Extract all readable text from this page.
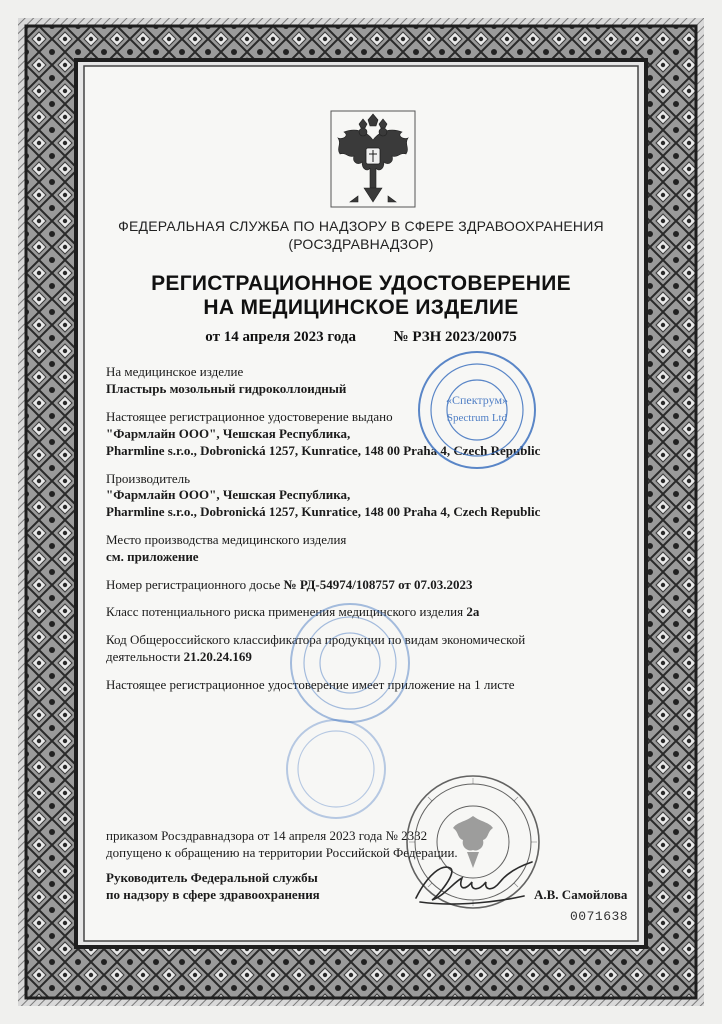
ФЕДЕРАЛЬНАЯ СЛУЖБА ПО НАДЗОРУ В СФЕРЕ ЗДРАВООХРАНЕНИЯ
(РОСЗДРАВНАДЗОР)
РЕГИСТРАЦИОННОЕ УДОСТОВЕРЕНИЕ
НА МЕДИЦИНСКОЕ ИЗДЕЛИЕ
от 14 апреля 2023 года	№ РЗН 2023/20075
На медицинское изделие
Пластырь мозольный гидроколлоидный
Настоящее регистрационное удостоверение выдано
"Фармлайн ООО", Чешская Республика,
Pharmline s.r.o., Dobronická 1257, Kunratice, 148 00 Praha 4, Czech Republic
Производитель
"Фармлайн ООО", Чешская Республика,
Pharmline s.r.o., Dobronická 1257, Kunratice, 148 00 Praha 4, Czech Republic
Место производства медицинского изделия
см. приложение
Номер регистрационного досье № РД-54974/108757 от 07.03.2023
Класс потенциального риска применения медицинского изделия 2а
Код Общероссийского классификатора продукции по видам экономической
деятельности 21.20.24.169
Настоящее регистрационное удостоверение имеет приложение на 1 листе
приказом Росздравнадзора от 14 апреля 2023 года № 2332
допущено к обращению на территории Российской Федерации.
Руководитель Федеральной службы
по надзору в сфере здравоохранения	А.В. Самойлова
0071638
«Спектрум»
Spectrum Ltd
